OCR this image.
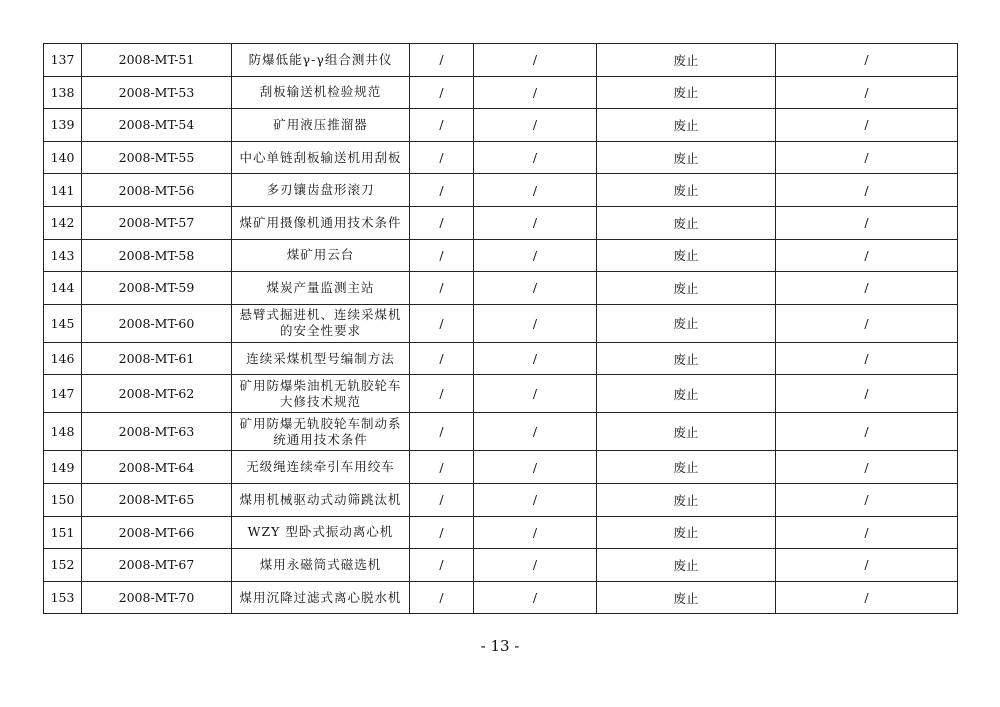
137	2008-MT-51	防爆低能γ-γ组合测井仪	/	/	废止	/
138	2008-MT-53	刮板输送机检验规范	/	/	废止	/
139	2008-MT-54	矿用液压推溜器	/	/	废止	/
140	2008-MT-55	中心单链刮板输送机用刮板	/	/	废止	/
141	2008-MT-56	多刃镶齿盘形滚刀	/	/	废止	/
142	2008-MT-57	煤矿用摄像机通用技术条件	/	/	废止	/
143	2008-MT-58	煤矿用云台	/	/	废止	/
144	2008-MT-59	煤炭产量监测主站	/	/	废止	/
145	2008-MT-60	悬臂式掘进机、连续采煤机的安全性要求	/	/	废止	/
146	2008-MT-61	连续采煤机型号编制方法	/	/	废止	/
147	2008-MT-62	矿用防爆柴油机无轨胶轮车大修技术规范	/	/	废止	/
148	2008-MT-63	矿用防爆无轨胶轮车制动系统通用技术条件	/	/	废止	/
149	2008-MT-64	无级绳连续牵引车用绞车	/	/	废止	/
150	2008-MT-65	煤用机械驱动式动筛跳汰机	/	/	废止	/
151	2008-MT-66	WZY 型卧式振动离心机	/	/	废止	/
152	2008-MT-67	煤用永磁筒式磁选机	/	/	废止	/
153	2008-MT-70	煤用沉降过滤式离心脱水机	/	/	废止	/
- 13 -
